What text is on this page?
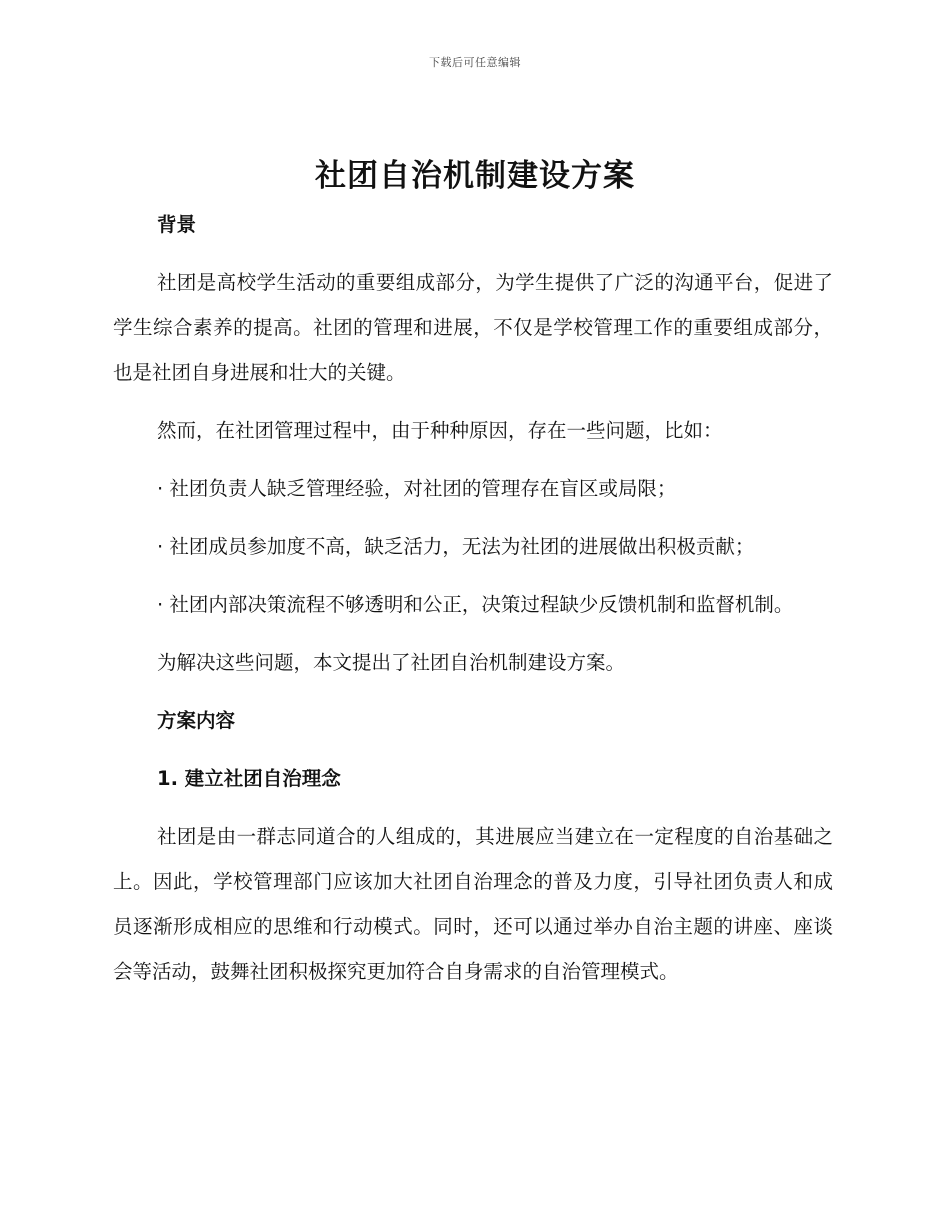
下载后可任意编辑
社团自治机制建设方案
背景
社团是高校学生活动的重要组成部分，为学生提供了广泛的沟通平台，促进了学生综合素养的提高。社团的管理和进展，不仅是学校管理工作的重要组成部分，也是社团自身进展和壮大的关键。
然而，在社团管理过程中，由于种种原因，存在一些问题，比如：
· 社团负责人缺乏管理经验，对社团的管理存在盲区或局限；
· 社团成员参加度不高，缺乏活力，无法为社团的进展做出积极贡献；
· 社团内部决策流程不够透明和公正，决策过程缺少反馈机制和监督机制。
为解决这些问题，本文提出了社团自治机制建设方案。
方案内容
1. 建立社团自治理念
社团是由一群志同道合的人组成的，其进展应当建立在一定程度的自治基础之上。因此，学校管理部门应该加大社团自治理念的普及力度，引导社团负责人和成员逐渐形成相应的思维和行动模式。同时，还可以通过举办自治主题的讲座、座谈会等活动，鼓舞社团积极探究更加符合自身需求的自治管理模式。
